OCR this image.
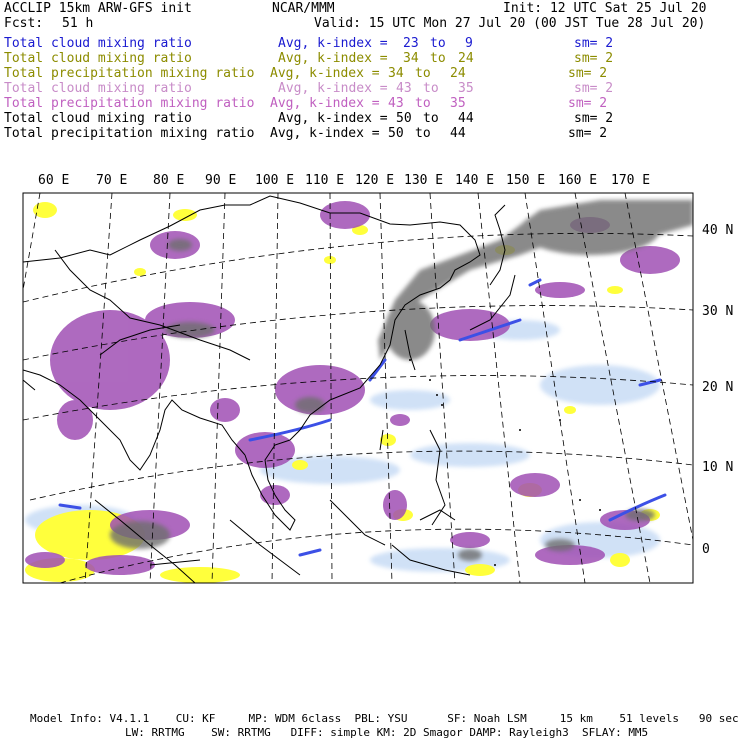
ACCLIP 15km ARW-GFS init	NCAR/MMM	Init: 12 UTC Sat 25 Jul 20
Fcst: 51 h	Valid: 15 UTC Mon 27 Jul 20 (00 JST Tue 28 Jul 20)
Total cloud mixing ratio	Avg, k-index = 23 to 9	sm= 2
Total cloud mixing ratio	Avg, k-index = 34 to 24	sm= 2
Total precipitation mixing ratio Avg, k-index = 34 to 24	sm= 2
Total cloud mixing ratio	Avg, k-index = 43 to 35	sm= 2
Total precipitation mixing ratio Avg, k-index = 43 to 35	sm= 2
Total cloud mixing ratio	Avg, k-index = 50 to 44	sm= 2
Total precipitation mixing ratio Avg, k-index = 50 to 44	sm= 2
60 E 70 E 80 E 90 E 100 E 110 E 120 E 130 E 140 E 150 E 160 E 170 E
40 N
30 N
20 N
10 N
0
Model Info: V4.1.1    CU: KF     MP: WDM 6class  PBL: YSU      SF: Noah LSM     15 km    51 levels   90 sec
LW: RRTMG    SW: RRTMG   DIFF: simple KM: 2D Smagor DAMP: Rayleigh3  SFLAY: MM5
